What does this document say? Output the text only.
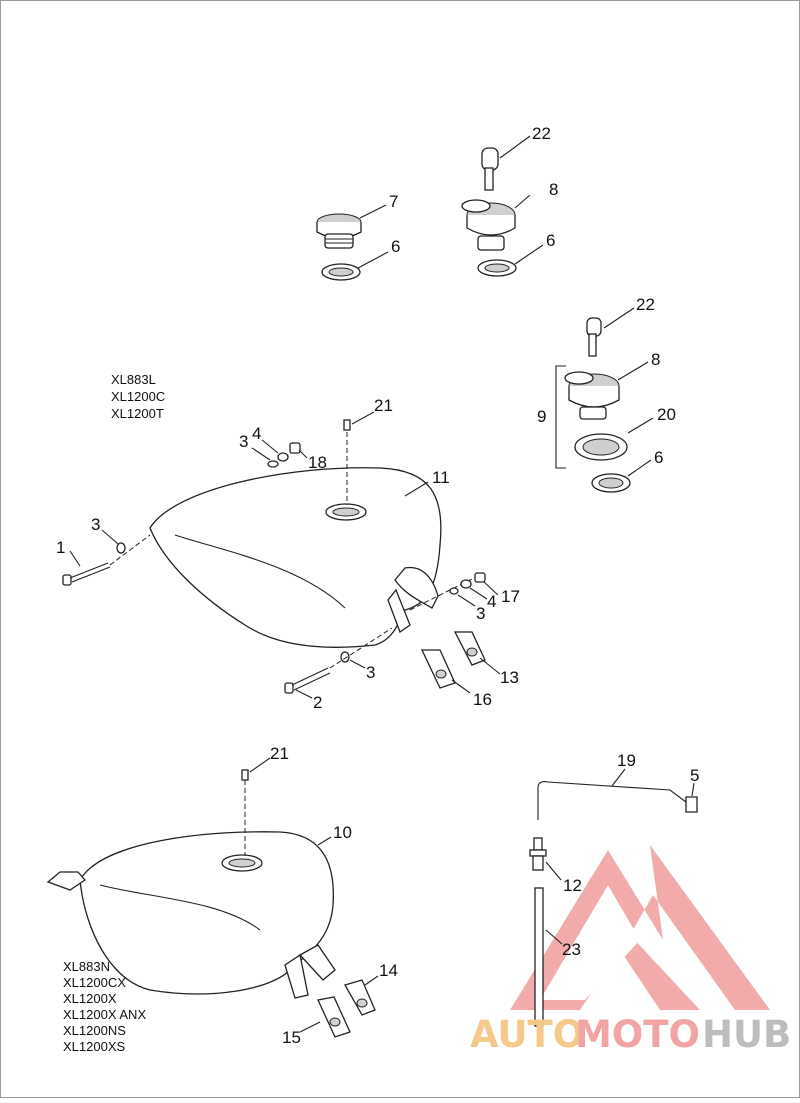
22
8
7
6	6
22
8
9	20
6
21
4
3
18
11
3
1
17
4
3
13
3
16
2
21
10
19
5
12
23
14
15
XL883L
XL1200C
XL1200T
XL883N
XL1200CX
XL1200X
XL1200X ANX
XL1200NS
XL1200XS	AUTO
MOTO HUB
